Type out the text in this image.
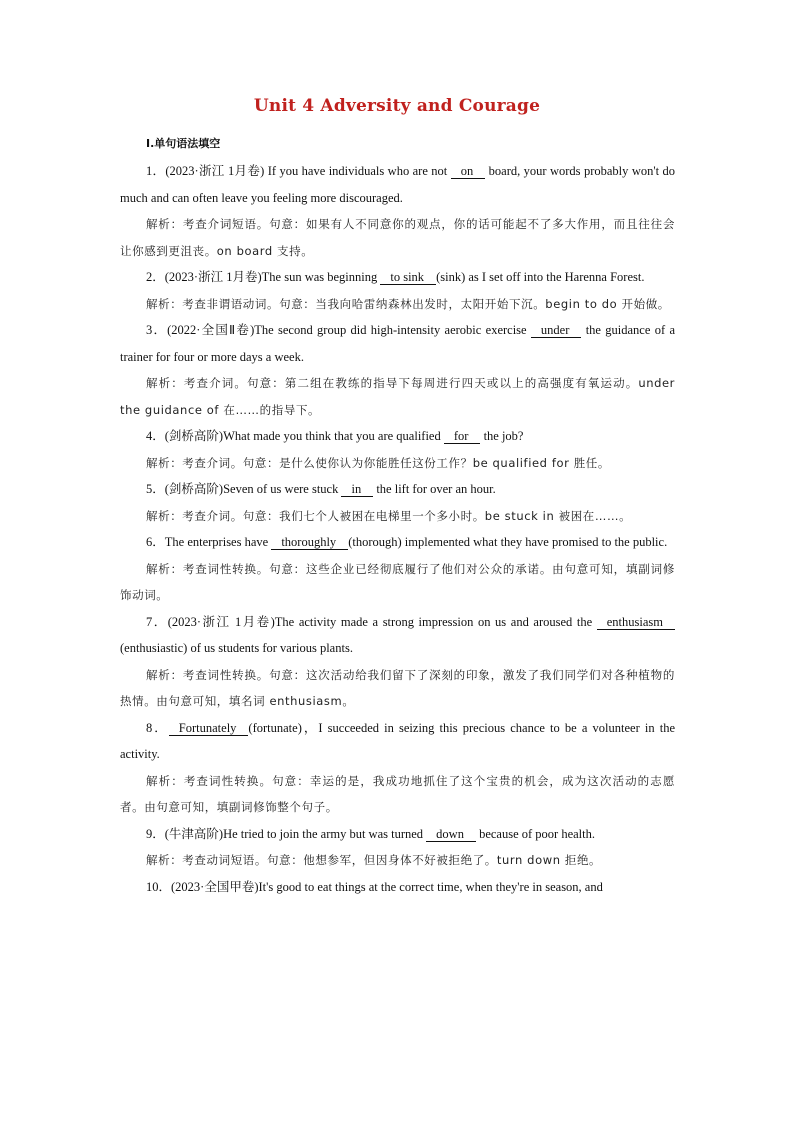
Unit 4 Adversity and Courage
Ⅰ.单句语法填空

1．(2023·浙江 1月卷) If you have individuals who are not on board, your words probably won't do much and can often leave you feeling more discouraged.

解析：考查介词短语。句意：如果有人不同意你的观点，你的话可能起不了多大作用，而且往往会让你感到更沮丧。on board 支持。

2．(2023·浙江 1月卷)The sun was beginning to sink (sink) as I set off into the Harenna Forest.

解析：考查非谓语动词。句意：当我向哈雷纳森林出发时，太阳开始下沉。begin to do 开始做。

3．(2022·全国Ⅱ卷)The second group did high-intensity aerobic exercise under the guidance of a trainer for four or more days a week.

解析：考查介词。句意：第二组在教练的指导下每周进行四天或以上的高强度有氧运动。under the guidance of 在……的指导下。

4．(剑桥高阶)What made you think that you are qualified for the job?

解析：考查介词。句意：是什么使你认为你能胜任这份工作？be qualified for 胜任。

5．(剑桥高阶)Seven of us were stuck in the lift for over an hour.

解析：考查介词。句意：我们七个人被困在电梯里一个多小时。be stuck in 被困在……。

6．The enterprises have thoroughly (thorough) implemented what they have promised to the public.

解析：考查词性转换。句意：这些企业已经彻底履行了他们对公众的承诺。由句意可知，填副词修饰动词。

7．(2023·浙江 1月卷)The activity made a strong impression on us and aroused the enthusiasm(enthusiastic) of us students for various plants.

解析：考查词性转换。句意：这次活动给我们留下了深刻的印象，激发了我们同学们对各种植物的热情。由句意可知，填名词 enthusiasm。

8． Fortunately (fortunate)，I succeeded in seizing this precious chance to be a volunteer in the activity.

解析：考查词性转换。句意：幸运的是，我成功地抓住了这个宝贵的机会，成为这次活动的志愿者。由句意可知，填副词修饰整个句子。

9．(牛津高阶)He tried to join the army but was turned down because of poor health.

解析：考查动词短语。句意：他想参军，但因身体不好被拒绝了。turn down 拒绝。

10．(2023·全国甲卷)It's good to eat things at the correct time, when they're in season, and
